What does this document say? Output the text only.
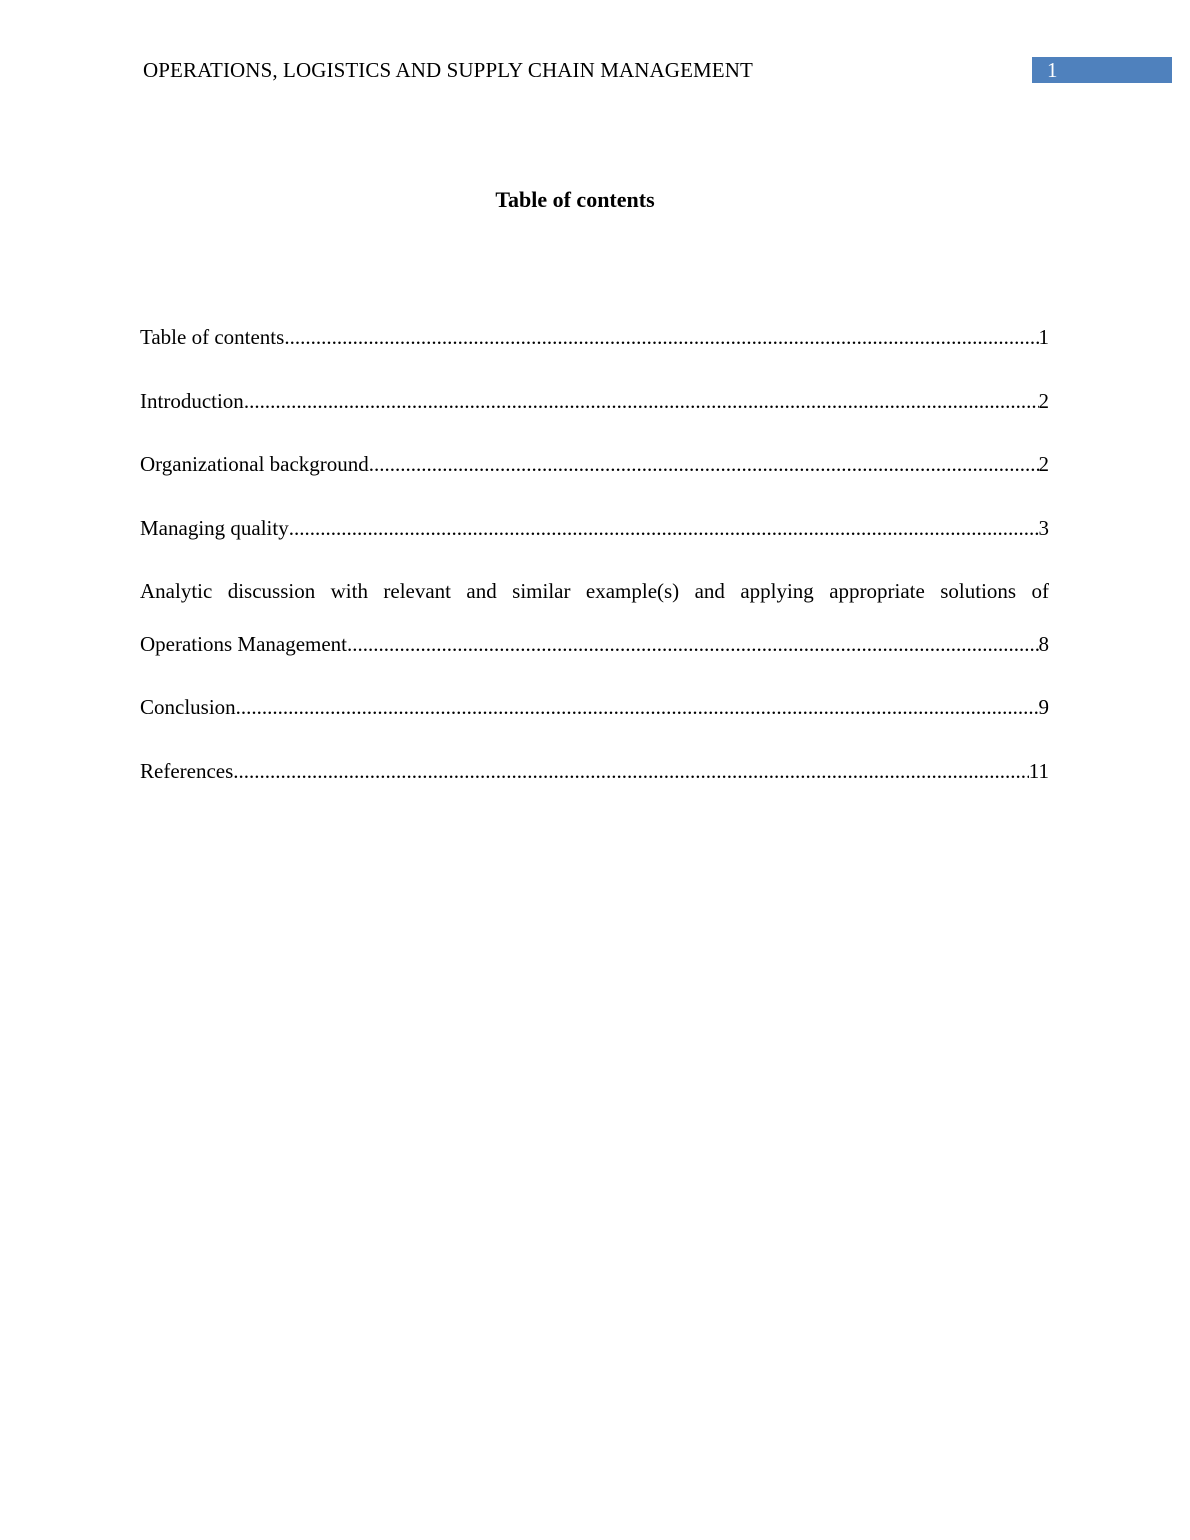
OPERATIONS, LOGISTICS AND SUPPLY CHAIN MANAGEMENT	1
Table of contents
Table of contents .....	1
Introduction .....	2
Organizational background .....	2
Managing quality .....	3
Analytic discussion with relevant and similar example(s) and applying appropriate solutions of
Operations Management .....	8
Conclusion .....	9
References .....	11
